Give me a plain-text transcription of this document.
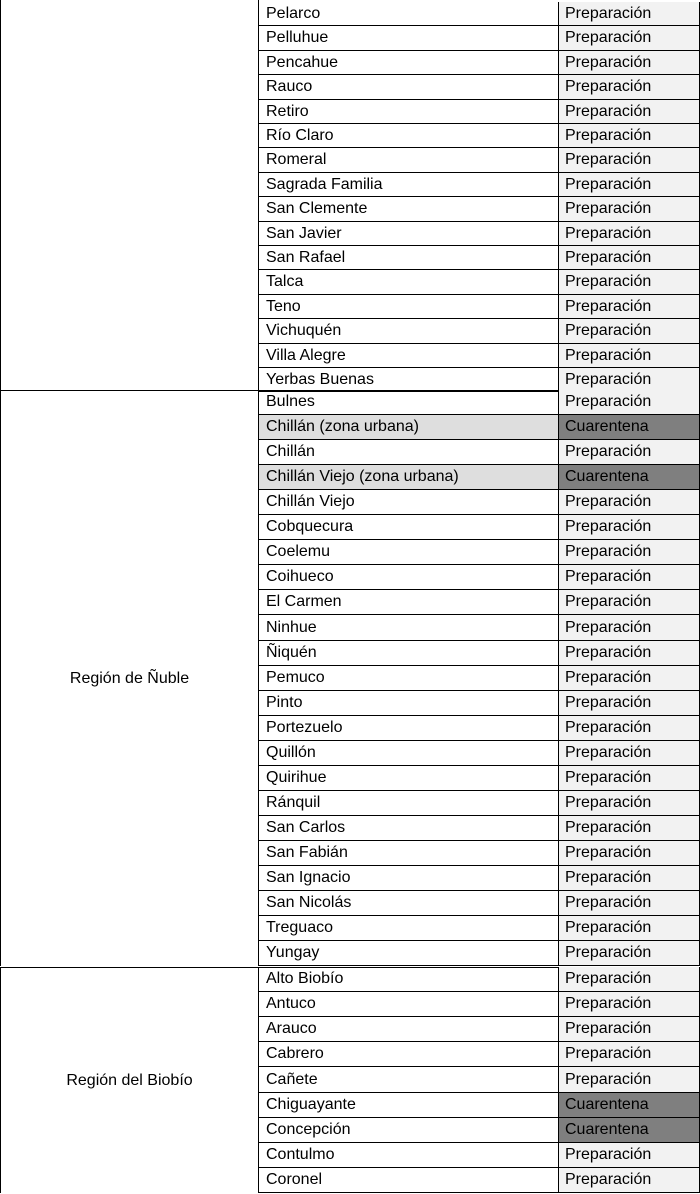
Pelarco	Preparación
Pelluhue	Preparación
Pencahue	Preparación
Rauco	Preparación
Retiro	Preparación
Río Claro	Preparación
Romeral	Preparación
Sagrada Familia	Preparación
San Clemente	Preparación
San Javier	Preparación
San Rafael	Preparación
Talca	Preparación
Teno	Preparación
Vichuquén	Preparación
Villa Alegre	Preparación
Yerbas Buenas	Preparación
Región de Ñuble
Bulnes	Preparación
Chillán (zona urbana)	Cuarentena
Chillán	Preparación
Chillán Viejo (zona urbana)	Cuarentena
Chillán Viejo	Preparación
Cobquecura	Preparación
Coelemu	Preparación
Coihueco	Preparación
El Carmen	Preparación
Ninhue	Preparación
Ñiquén	Preparación
Pemuco	Preparación
Pinto	Preparación
Portezuelo	Preparación
Quillón	Preparación
Quirihue	Preparación
Ránquil	Preparación
San Carlos	Preparación
San Fabián	Preparación
San Ignacio	Preparación
San Nicolás	Preparación
Treguaco	Preparación
Yungay	Preparación
Región del Biobío
Alto Biobío	Preparación
Antuco	Preparación
Arauco	Preparación
Cabrero	Preparación
Cañete	Preparación
Chiguayante	Cuarentena
Concepción	Cuarentena
Contulmo	Preparación
Coronel	Preparación
